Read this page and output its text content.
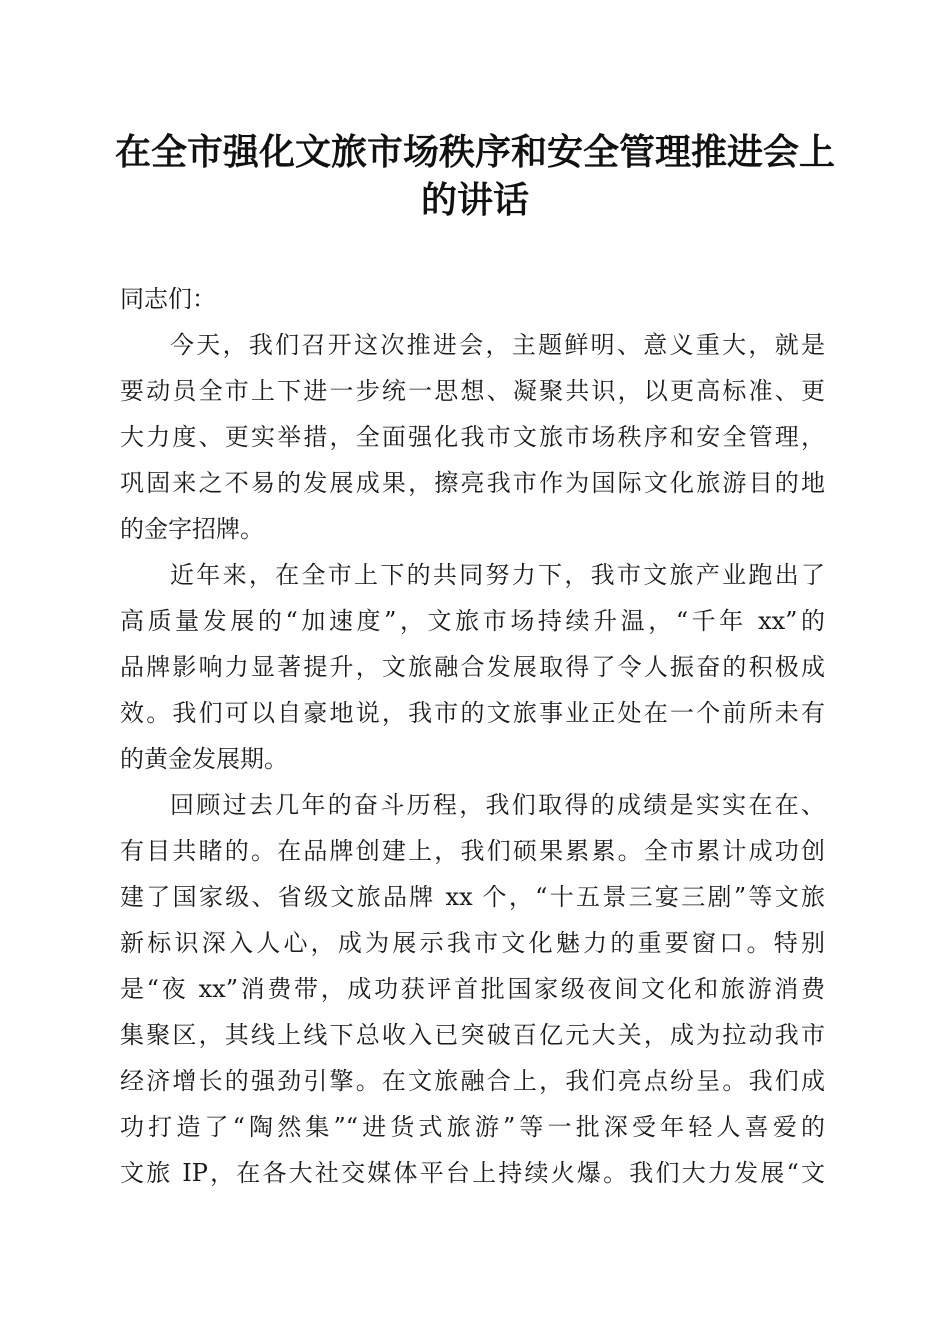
在全市强化文旅市场秩序和安全管理推进会上
的讲话
同志们：
今天，我们召开这次推进会，主题鲜明、意义重大，就是
要动员全市上下进一步统一思想、凝聚共识，以更高标准、更
大力度、更实举措，全面强化我市文旅市场秩序和安全管理，
巩固来之不易的发展成果，擦亮我市作为国际文化旅游目的地
的金字招牌。
近年来，在全市上下的共同努力下，我市文旅产业跑出了
高质量发展的“加速度”，文旅市场持续升温，“千年 xx”的
品牌影响力显著提升，文旅融合发展取得了令人振奋的积极成
效。我们可以自豪地说，我市的文旅事业正处在一个前所未有
的黄金发展期。
回顾过去几年的奋斗历程，我们取得的成绩是实实在在、
有目共睹的。在品牌创建上，我们硕果累累。全市累计成功创
建了国家级、省级文旅品牌 xx 个，“十五景三宴三剧”等文旅
新标识深入人心，成为展示我市文化魅力的重要窗口。特别
是“夜 xx”消费带，成功获评首批国家级夜间文化和旅游消费
集聚区，其线上线下总收入已突破百亿元大关，成为拉动我市
经济增长的强劲引擎。在文旅融合上，我们亮点纷呈。我们成
功打造了“陶然集”“进货式旅游”等一批深受年轻人喜爱的
文旅 IP，在各大社交媒体平台上持续火爆。我们大力发展“文
